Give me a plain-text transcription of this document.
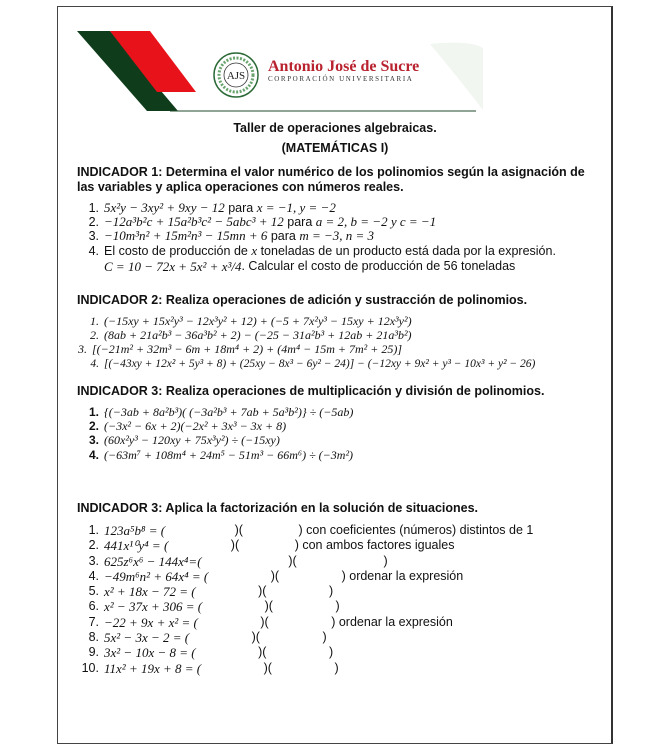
AJS
Antonio José de Sucre
CORPORACIÓN UNIVERSITARIA
Taller de operaciones algebraicas.
(MATEMÁTICAS I)
INDICADOR 1: Determina el valor numérico de los polinomios según la asignación de las variables y aplica operaciones con números reales.
1. 5x²y − 3xy² + 9xy − 12 para x = −1, y = −2
2. −12a³b²c + 15a²b³c² − 5abc³ + 12 para a = 2, b = −2 y c = −1
3. −10m³n² + 15m²n³ − 15mn + 6 para m = −3, n = 3
4. El costo de producción de x toneladas de un producto está dada por la expresión.
C = 10 − 72x + 5x² + x³/4 . Calcular el costo de producción de 56 toneladas
INDICADOR 2: Realiza operaciones de adición y sustracción de polinomios.
1. (−15xy + 15x²y³ − 12x³y² + 12) + (−5 + 7x²y³ − 15xy + 12x³y²)
2. (8ab + 21a²b³ − 36a³b² + 2) − (−25 − 31a²b³ + 12ab + 21a³b²)
3. [(−21m² + 32m³ − 6m + 18m⁴ + 2) + (4m⁴ − 15m + 7m² + 25)]
4. [(−43xy + 12x² + 5y³ + 8) + (25xy − 8x³ − 6y² − 24)] − (−12xy + 9x² + y³ − 10x³ + y² − 26)
INDICADOR 3: Realiza operaciones de multiplicación y división de polinomios.
1. {(−3ab + 8a²b³)( (−3a²b³ + 7ab + 5a³b²)} ÷ (−5ab)
2. (−3x² − 6x + 2)(−2x² + 3x³ − 3x + 8)
3. (60x²y³ − 120xy + 75x³y²) ÷ (−15xy)
4. (−63m⁷ + 108m⁴ + 24m⁵ − 51m³ − 66m⁶) ÷ (−3m²)
INDICADOR 3: Aplica la factorización en la solución de situaciones.
1. 123a⁵b⁸ = ( )( ) con coeficientes (números) distintos de 1
2. 441x¹⁰y⁴ = ( )( ) con ambos factores iguales
3. 625z⁶x⁶ − 144x⁴=( )( )
4. −49m⁶n² + 64x⁴ = ( )( ) ordenar la expresión
5. x² + 18x − 72 = ( )( )
6. x² − 37x + 306 = ( )( )
7. −22 + 9x + x² = ( )( ) ordenar la expresión
8. 5x² − 3x − 2 = ( )( )
9. 3x² − 10x − 8 = ( )( )
10. 11x² + 19x + 8 = ( )( )
